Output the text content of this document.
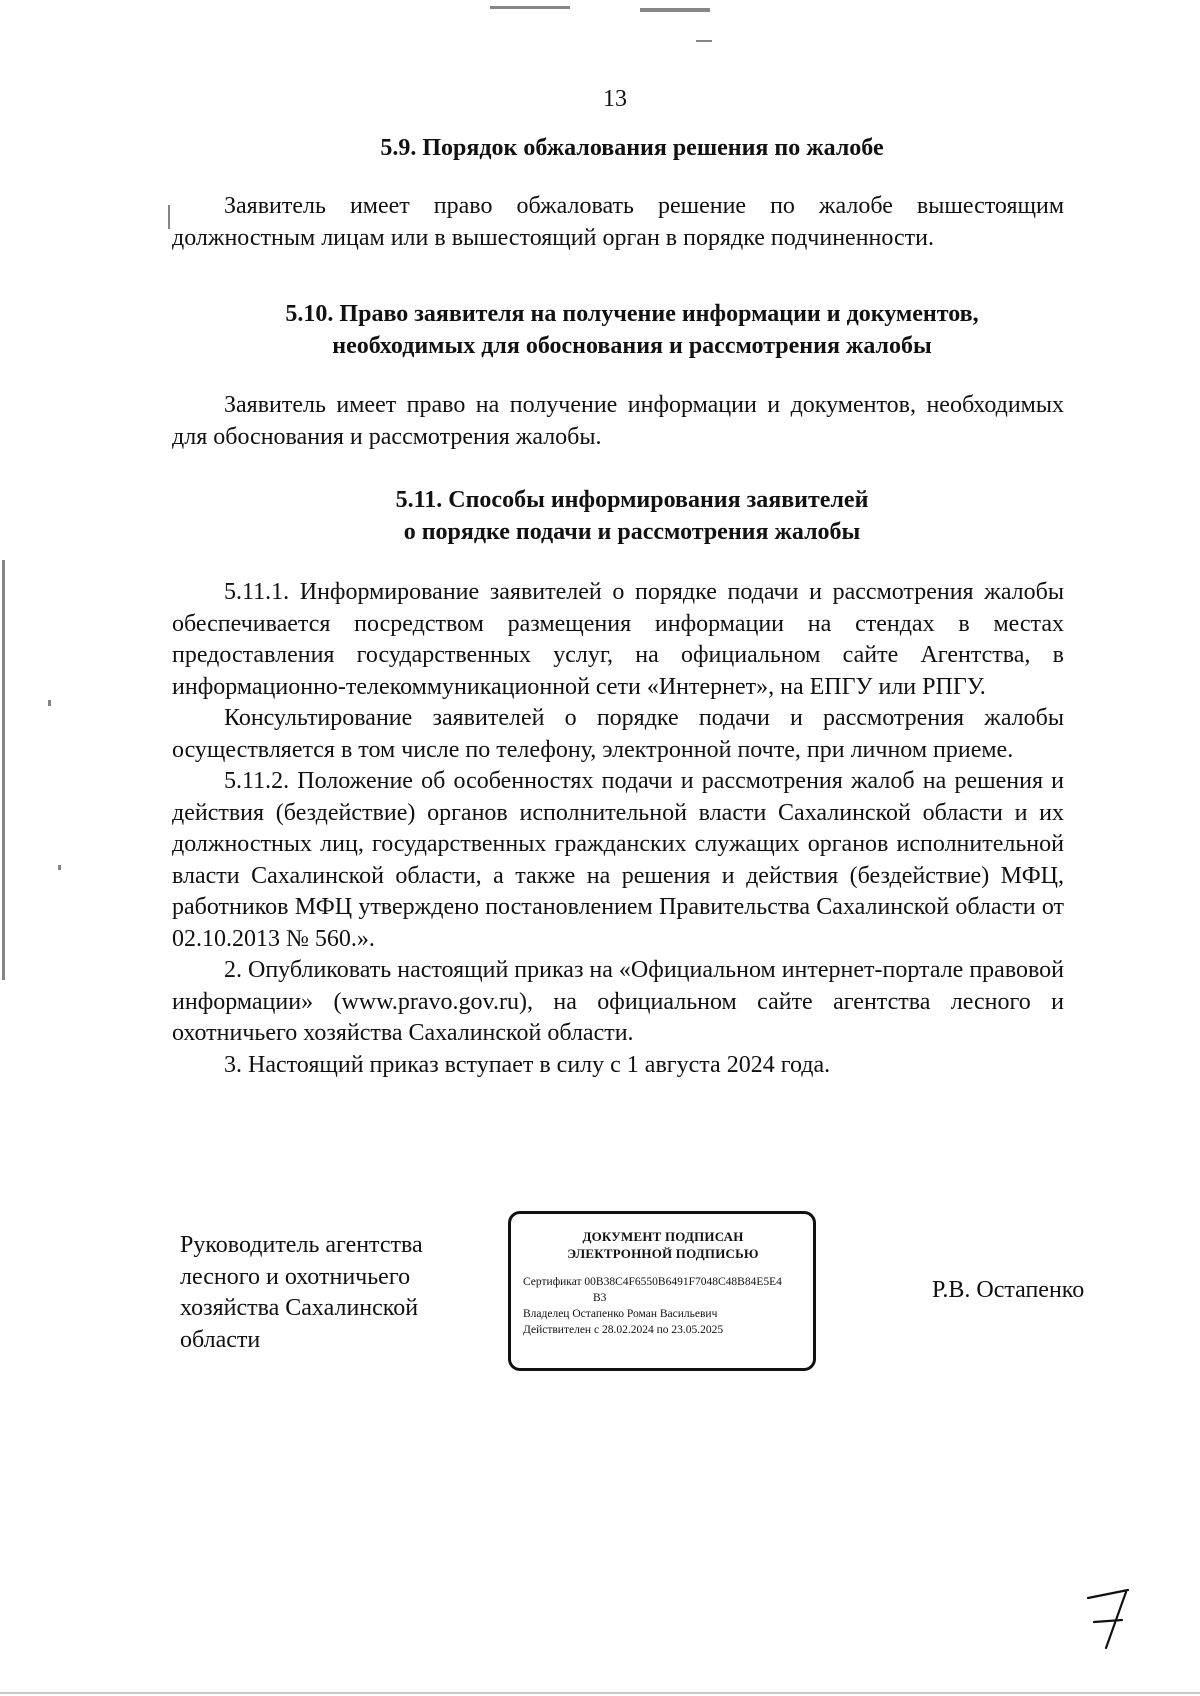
13
5.9. Порядок обжалования решения по жалобе

Заявитель имеет право обжаловать решение по жалобе вышестоящим должностным лицам или в вышестоящий орган в порядке подчиненности.

5.10. Право заявителя на получение информации и документов,
необходимых для обоснования и рассмотрения жалобы

Заявитель имеет право на получение информации и документов, необходимых для обоснования и рассмотрения жалобы.

5.11. Способы информирования заявителей
о порядке подачи и рассмотрения жалобы

5.11.1. Информирование заявителей о порядке подачи и рассмотрения жалобы обеспечивается посредством размещения информации на стендах в местах предоставления государственных услуг, на официальном сайте Агентства, в информационно-телекоммуникационной сети «Интернет», на ЕПГУ или РПГУ.

Консультирование заявителей о порядке подачи и рассмотрения жалобы осуществляется в том числе по телефону, электронной почте, при личном приеме.

5.11.2. Положение об особенностях подачи и рассмотрения жалоб на решения и действия (бездействие) органов исполнительной власти Сахалинской области и их должностных лиц, государственных гражданских служащих органов исполнительной власти Сахалинской области, а также на решения и действия (бездействие) МФЦ, работников МФЦ утверждено постановлением Правительства Сахалинской области от 02.10.2013 № 560.».

2. Опубликовать настоящий приказ на «Официальном интернет-портале правовой информации» (www.pravo.gov.ru), на официальном сайте агентства лесного и охотничьего хозяйства Сахалинской области.

3. Настоящий приказ вступает в силу с 1 августа 2024 года.

Руководитель агентства
лесного и охотничьего
хозяйства Сахалинской
области
ДОКУМЕНТ ПОДПИСАН
ЭЛЕКТРОННОЙ ПОДПИСЬЮ
Сертификат 00B38C4F6550B6491F7048C48B84E5E4
B3
Владелец Остапенко Роман Васильевич
Действителен с 28.02.2024 по 23.05.2025
Р.В. Остапенко
